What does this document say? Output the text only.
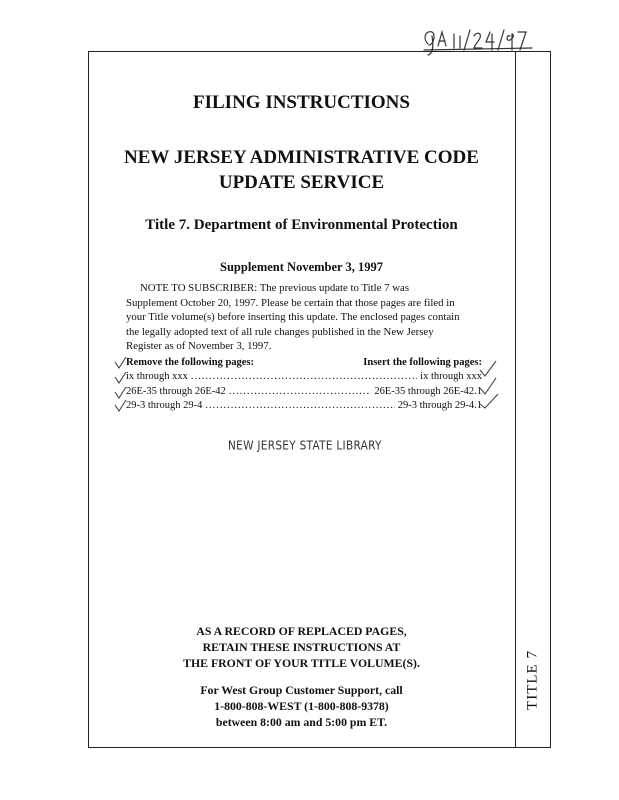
TITLE 7
FILING INSTRUCTIONS
NEW JERSEY ADMINISTRATIVE CODE
UPDATE SERVICE
Title 7. Department of Environmental Protection
Supplement November 3, 1997
NOTE TO SUBSCRIBER: The previous update to Title 7 was
Supplement October 20, 1997. Please be certain that those pages are filed in
your Title volume(s) before inserting this update. The enclosed pages contain
the legally adopted text of all rule changes published in the New Jersey
Register as of November 3, 1997.
Remove the following pages:	Insert the following pages:
ix through xxx .....	ix through xxx
26E-35 through 26E-42 .....	26E-35 through 26E-42.1
29-3 through 29-4 .....	29-3 through 29-4.1
NEW JERSEY STATE LIBRARY
AS A RECORD OF REPLACED PAGES,
RETAIN THESE INSTRUCTIONS AT
THE FRONT OF YOUR TITLE VOLUME(S).
For West Group Customer Support, call
1-800-808-WEST (1-800-808-9378)
between 8:00 am and 5:00 pm ET.
